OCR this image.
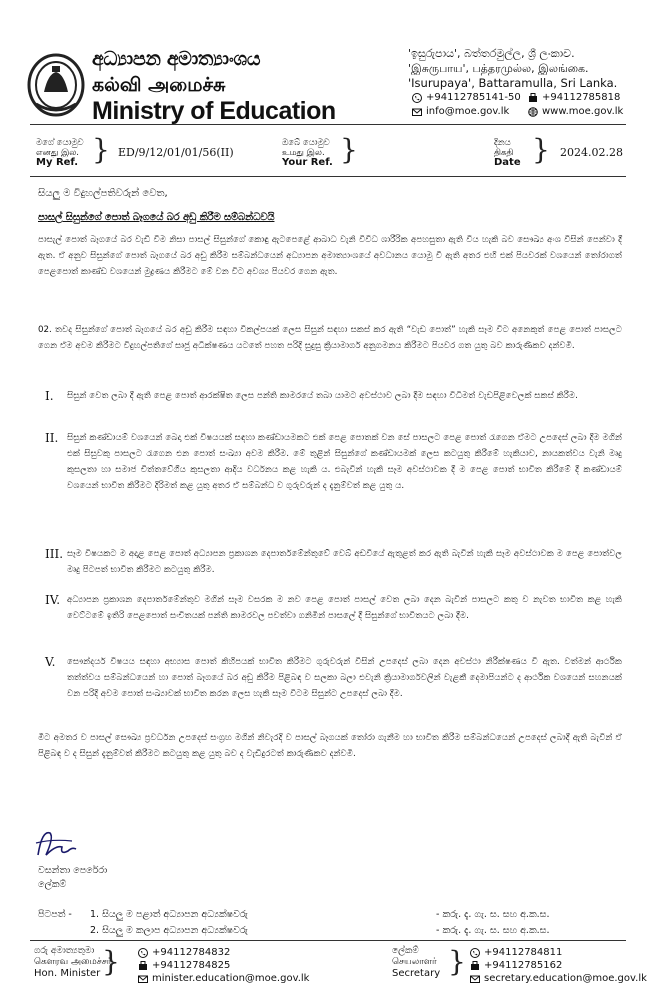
අධ්‍යාපන අමාත්‍යාංශය
கல்வி அமைச்சு
Ministry of Education
'ඉසුරුපාය', බත්තරමුල්ල, ශ්‍රී ලංකාව.
'இசுருபாய', பத்தரமுல்ல, இலங்கை.
'Isurupaya', Battaramulla, Sri Lanka.
+94112785141-50 +94112785818
info@moe.gov.lk	www.moe.gov.lk
මගේ යොමුව
எனது இல.
My Ref. } ED/9/12/01/01/56(II)
ඔබේ යොමුව
உமது இல.
Your Ref. }	දිනය
திகதி
Date } 2024.02.28
සියලු ම විදුහල්පතිවරුන් වෙත,
පාසල් සිසුන්ගේ පොත් බෑගයේ බර අඩු කිරීම සම්බන්ධවයි
පාසැල් පොත් බෑගයේ බර වැඩි වීම නිසා පාසල් සිසුන්ගේ කොඳු ඇටපෙළේ ආබාධ වැනි විවිධ ශාරීරික අපහසුතා ඇති විය හැකි බව සෞඛ්‍ය අංශ විසින් පෙන්වා දී ඇත. ඒ අනුව සිසුන්ගේ පොත් බෑගයේ බර අඩු කිරීම සම්බන්ධයෙන් අධ්‍යාපන අමාත්‍යාංශයේ අවධානය යොමු වී ඇති අතර එහි එක් පියවරක් වශයෙන් තෝරාගත් පෙළපොත් කාණ්ඩ වශයෙන් මුද්‍රණය කිරීමට මේ වන විට අවශ්‍ය පියවර ගෙන ඇත.
02. තවද සිසුන්ගේ පොත් බෑගයේ බර අඩු කිරීම සඳහා විකල්පයක් ලෙස සිසුන් සඳහා සකස් කර ඇති “වැඩ පොත්” හැකි සෑම විට අනෙකුත් පෙළ පොත් පාසලට ගෙන ඒම අවම කිරීමට විදුහල්පතිගේ සෘජු අධීක්ෂණය යටතේ පහත පරිදි සුදුසු ක්‍රියාමාර්ග අනුගමනය කිරීමට පියවර ගත යුතු බව කාරුණිකව දන්වමි.
I.	සිසුන් වෙත ලබා දී ඇති පෙළ පොත් ආරක්ෂිත ලෙස පන්ති කාමරයේ තබා යාමට අවස්ථාව ලබා දීම සඳහා විධිමත් වැඩපිළිවෙලක් සකස් කිරීම.
II.	සිසුන් කණ්ඩායම් වශයෙන් බෙදා එක් විෂයයක් සඳහා කණ්ඩායමකට එක් පෙළ පොතක් වන සේ පාසලට පෙළ පොත් රැගෙන ඒමට උපදෙස් ලබා දීම මගින් එක් සිසුවකු පාසලට රැගෙන එන පොත් සංඛ්‍යා අවම කිරීම. මේ තුළින් සිසුන්ගේ කණ්ඩායමක් ලෙස කටයුතු කිරීමේ හැකියාව, නායකත්වය වැනි මෘදු කුසලතා හා සමාජ චිත්තවේගීය කුසලතා ආදිය වර්ධනය කළ හැකි ය. එබැවින් හැකි සෑම අවස්ථාවක දී ම පෙළ පොත් භාවිත කිරීමේ දී කණ්ඩායම් වශයෙන් භාවිත කිරීමට දිරිමත් කළ යුතු අතර ඒ සම්බන්ධ ව ගුරුවරුන් ද දැනුම්වත් කළ යුතු ය.
III. සෑම විෂයකට ම අදාළ පෙළ පොත් අධ්‍යාපන ප්‍රකාශන දෙපාර්තමේන්තුවේ වෙබ් අඩවියේ ඇතුළත් කර ඇති බැවින් හැකි සෑම අවස්ථාවක ම පෙළ පොත්වල මෘදු පිටපත් භාවිත කිරීමට කටයුතු කිරීම.
IV. අධ්‍යාපන ප්‍රකාශන දෙපාර්තමේන්තුව මගින් සෑම වසරක ම නව පෙළ පොත් පාසල් වෙත ලබා දෙන බැවින් පාසලට කතු ව නැවත භාවිත කළ හැකි වෙට්ටමේ ඉතිරි පෙළපොත් සංචිතයක් පන්ති කාමරවල පවත්වා ගනිමින් පාසලේ දී සිසුන්ගේ භාවිතයට ලබා දීම.
V.	සෞන්දර්ය විෂයය සඳහා අභ්‍යාස පොත් කිහිපයක් භාවිත කිරීමට ගුරුවරුන් විසින් උපදෙස් ලබා දෙන අවස්ථා නිරීක්ෂණය වී ඇත. වත්මන් ආර්ථික තත්ත්වය සම්බන්ධයෙන් හා පොත් බෑගයේ බර අඩු කිරීම පිළිබඳ ව සලකා බලා එවැනි ක්‍රියාමාර්ගවලින් වැළකී දෙමාපියන්ට ද ආර්ථික වශයෙන් සහනයක් වන පරිදි අවම පොත් සංඛ්‍යාවක් භාවිත කරන ලෙස හැකි සෑම විටම සිසුන්ට උපදෙස් ලබා දීම.
මීට අමතර ව පාසල් සෞඛ්‍ය ප්‍රවර්ධන උපදෙස් සංග්‍රහ මගින් නිවැරදි ව පාසල් බෑගයක් තෝරා ගැනීම හා භාවිත කිරීම සම්බන්ධයෙන් උපදෙස් ලබාදී ඇති බැවින් ඒ පිළිබඳ ව ද සිසුන් දැනුම්වත් කිරීමට කටයුතු කළ යුතු බව ද වැඩිදුරටත් කාරුණිකව දන්වමි.
වසන්තා පෙරේරා
ලේකම්
පිටපත් - 1. සියලු ම පළාත් අධ්‍යාපන අධ්‍යක්ෂවරු	- කරු. දැ. ගැ. ස. සහ අ.ක.ස.
2. සියලු ම කලාප අධ්‍යාපන අධ්‍යක්ෂවරු	- කරු. දැ. ගැ. ස. සහ අ.ක.ස.
ගරු අමාත්‍යතුමා
கௌரவ அமைச்சர்
Hon. Minister }	+94112784832
+94112784825
minister.education@moe.gov.lk
ලේකම්
செயலாளர்
Secretary } +94112784811
+94112785162
secretary.education@moe.gov.lk
